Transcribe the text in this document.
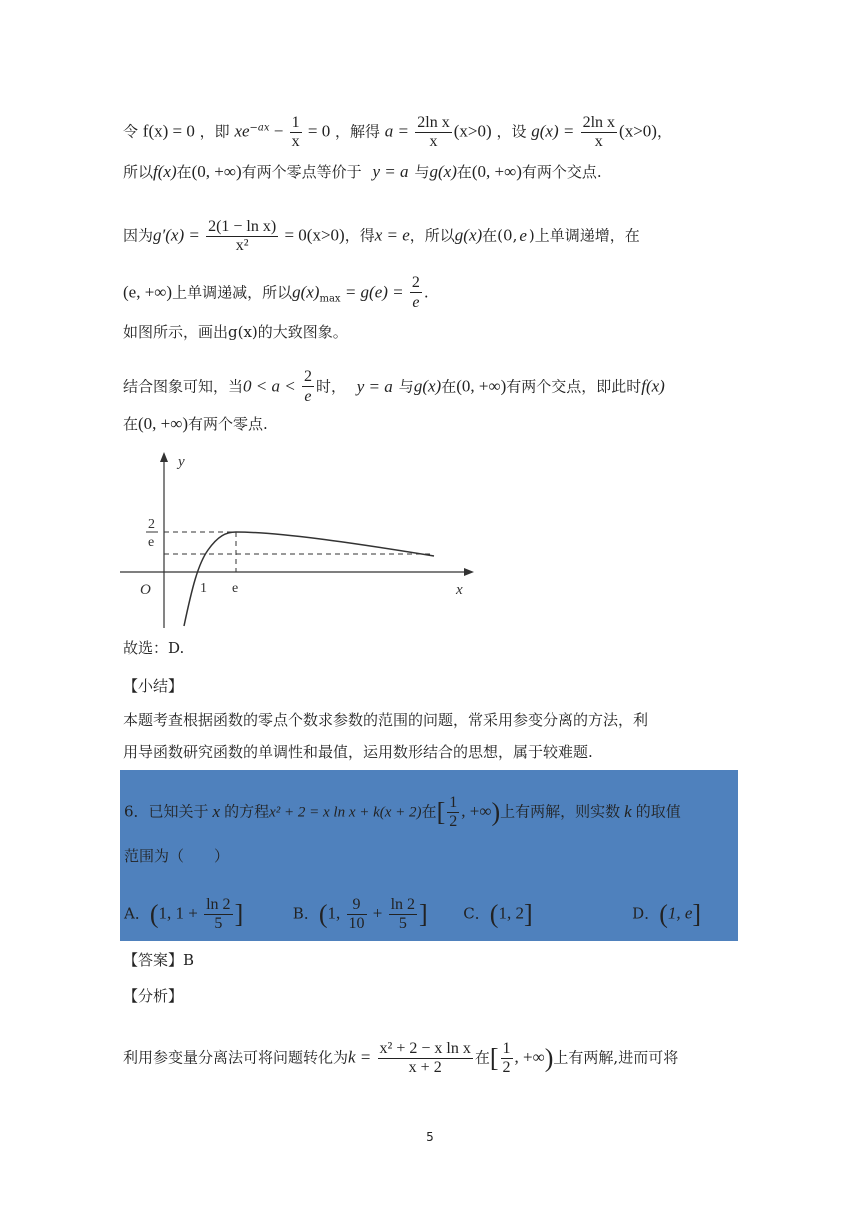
令 f(x) = 0 ，即 $xe^{-ax} - \frac{1}{x} = 0$ ，解得 $a = \frac{\text{2ln x}}{x} (x>0)$ ，设 $g(x) = \frac{\text{2ln x}}{x} (x>0)$，
所以f(x)在(0, +∞)有两个零点等价于 y = a 与g(x)在(0, +∞)有两个交点.
因为$g'(x) = \frac{\text{2(1 − ln x)}}{\text{x²}} = 0(x>0)$，得x = e，所以g(x)在(0, e )上单调递增，在
(e, +∞)上单调递减，所以$g(x)_{max} = g(e) = \frac{2}{e}$ .
如图所示，画出g(x)的大致图象。
结合图象可知，当$0 < a < \frac{2}{e}$ 时， y = a 与g(x)在(0, +∞)有两个交点，即此时f(x)
在(0, +∞)有两个零点.
y
x
O	1 e
2
e
故选：D.
【小结】
本题考查根据函数的零点个数求参数的范围的问题，常采用参变分离的方法，利
用导函数研究函数的单调性和最值，运用数形结合的思想，属于较难题.
6．已知关于 x 的方程x² + 2 = x ln x + k(x + 2)在[ $\frac{1}{2}$ , +∞)上有两解，则实数 k 的取值
范围为（　　）
A．(1, $1 + \frac{\ln 2}{5}$ ]	B．(1, $\frac{9}{10} + \frac{\ln 2}{5}$ ] C．(1, 2]	D．(1, e]
【答案】B
【分析】
利用参变量分离法可将问题转化为$k = \frac{\text{x² + 2 − x ln x}}{x + 2}$ 在[ $\frac{1}{2}$ , +∞)上有两解,进而可将
5
